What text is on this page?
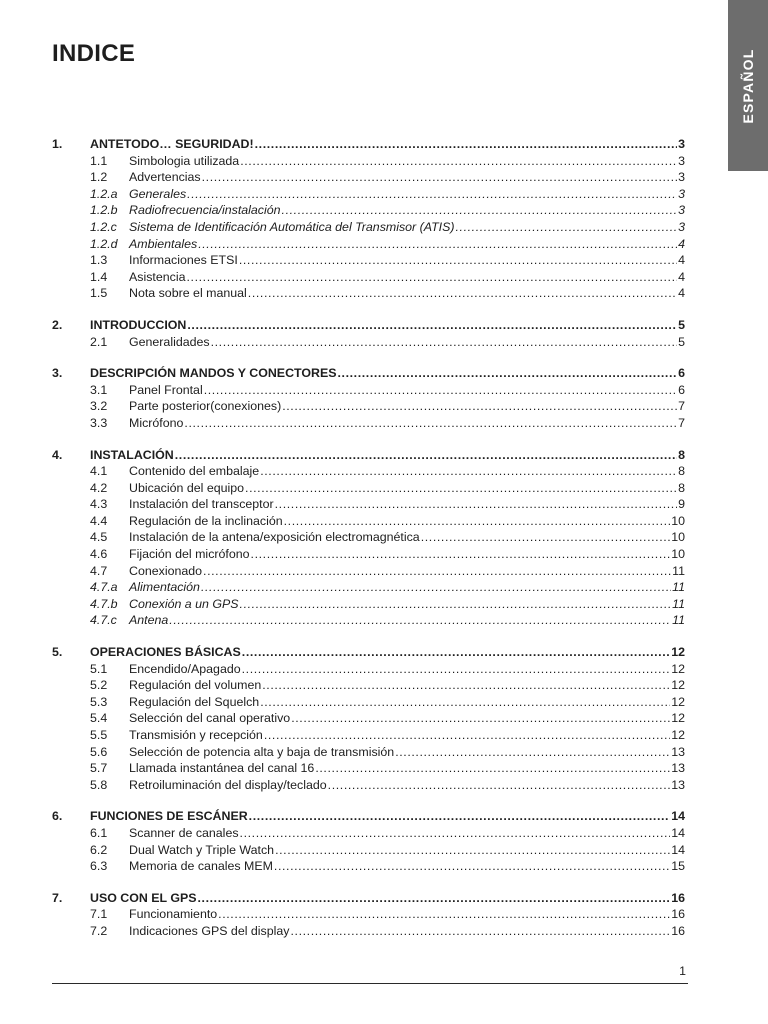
INDICE	ESPAÑOL
1.	ANTETODO… SEGURIDAD! .....	3
1.1	Simbologia utilizada .....	3
1.2	Advertencias .....	3
1.2.a Generales .....	3
1.2.b Radiofrecuencia/instalación .....	3
1.2.c Sistema de Identificación Automática del Transmisor (ATIS) .....	3
1.2.d Ambientales .....	4
1.3	Informaciones ETSI .....	4
1.4	Asistencia .....	4
1.5	Nota sobre el manual .....	4
2.	INTRODUCCION .....	5
2.1	Generalidades .....	5
3.	DESCRIPCIÓN MANDOS Y CONECTORES .....	6
3.1	Panel Frontal .....	6
3.2	Parte posterior(conexiones) .....	7
3.3	Micrófono .....	7
4.	INSTALACIÓN .....	8
4.1	Contenido del embalaje .....	8
4.2	Ubicación del equipo .....	8
4.3	Instalación del transceptor .....	9
4.4	Regulación de la inclinación .....	10
4.5	Instalación de la antena/exposición electromagnética .....	10
4.6	Fijación del micrófono .....	10
4.7	Conexionado .....	11
4.7.a Alimentación .....	11
4.7.b Conexión a un GPS .....	11
4.7.c Antena .....	11
5.	OPERACIONES BÁSICAS .....	12
5.1	Encendido/Apagado .....	12
5.2	Regulación del volumen .....	12
5.3	Regulación del Squelch .....	12
5.4	Selección del canal operativo .....	12
5.5	Transmisión y recepción .....	12
5.6	Selección de potencia alta y baja de transmisión .....	13
5.7	Llamada instantánea del canal 16 .....	13
5.8	Retroiluminación del display/teclado .....	13
6.	FUNCIONES DE ESCÁNER .....	14
6.1	Scanner de canales .....	14
6.2	Dual Watch y Triple Watch .....	14
6.3	Memoria de canales MEM .....	15
7.	USO CON EL GPS .....	16
7.1	Funcionamiento .....	16
7.2	Indicaciones GPS del display .....	16
1
